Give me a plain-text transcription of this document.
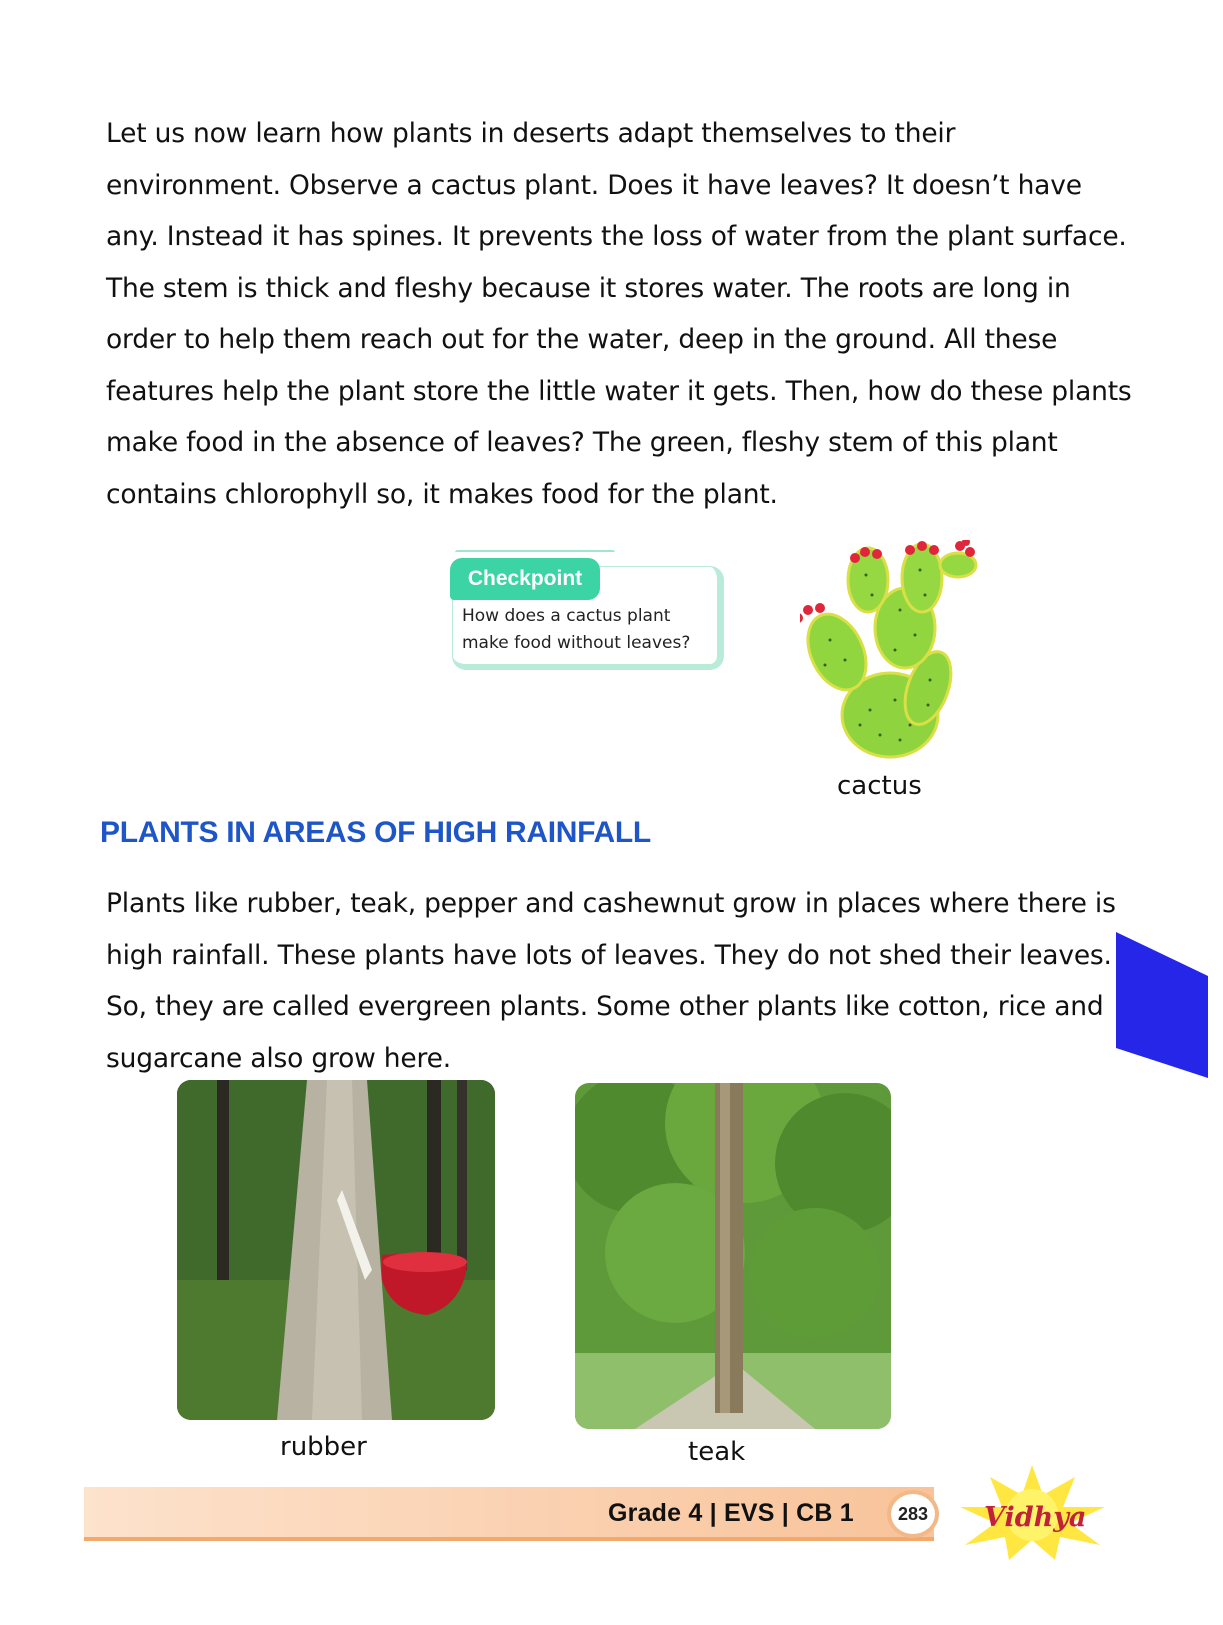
Let us now learn how plants in deserts adapt themselves to their environment. Observe a cactus plant. Does it have leaves? It doesn’t have any. Instead it has spines. It prevents the loss of water from the plant surface. The stem is thick and fleshy because it stores water. The roots are long in order to help them reach out for the water, deep in the ground. All these features help the plant store the little water it gets. Then, how do these plants make food in the absence of leaves? The green, fleshy stem of this plant contains chlorophyll so, it makes food for the plant.

Checkpoint
How does a cactus plant make food without leaves?
cactus
PLANTS IN AREAS OF HIGH RAINFALL

Plants like rubber, teak, pepper and cashewnut grow in places where there is high rainfall. These plants have lots of leaves. They do not shed their leaves. So, they are called evergreen plants. Some other plants like cotton, rice and sugarcane also grow here.

rubber	teak
Grade 4 | EVS | CB 1	283	Vidhya
